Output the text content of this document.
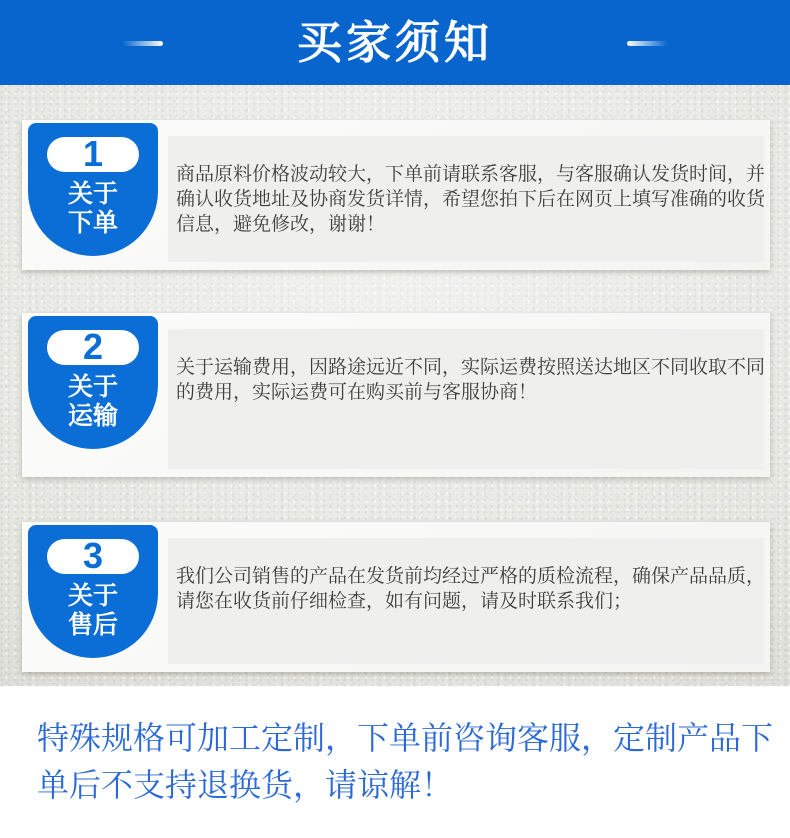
买家须知
1
关于
下单

商品原料价格波动较大，下单前请联系客服，与客服确认发货时间，并

确认收货地址及协商发货详情，希望您拍下后在网页上填写准确的收货

信息，避免修改，谢谢！

2
关于
运输

关于运输费用，因路途远近不同，实际运费按照送达地区不同收取不同

的费用，实际运费可在购买前与客服协商！

3
关于
售后

我们公司销售的产品在发货前均经过严格的质检流程，确保产品品质，

请您在收货前仔细检查，如有问题，请及时联系我们；

特殊规格可加工定制，下单前咨询客服，定制产品下

单后不支持退换货，请谅解！
